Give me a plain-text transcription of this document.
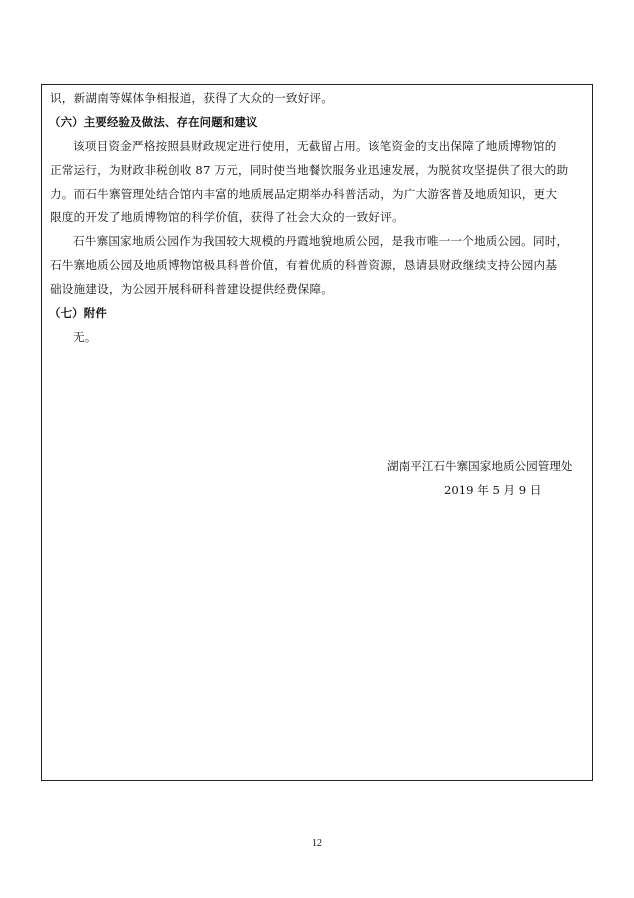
识，新湖南等媒体争相报道，获得了大众的一致好评。
（六）主要经验及做法、存在问题和建议
该项目资金严格按照县财政规定进行使用，无截留占用。该笔资金的支出保障了地质博物馆的
正常运行，为财政非税创收 87 万元，同时使当地餐饮服务业迅速发展，为脱贫攻坚提供了很大的助
力。而石牛寨管理处结合馆内丰富的地质展品定期举办科普活动，为广大游客普及地质知识，更大
限度的开发了地质博物馆的科学价值，获得了社会大众的一致好评。
石牛寨国家地质公园作为我国较大规模的丹霞地貌地质公园，是我市唯一一个地质公园。同时，
石牛寨地质公园及地质博物馆极具科普价值，有着优质的科普资源，恳请县财政继续支持公园内基
础设施建设，为公园开展科研科普建设提供经费保障。
（七）附件
无。
湖南平江石牛寨国家地质公园管理处
2019 年 5 月 9 日
12
